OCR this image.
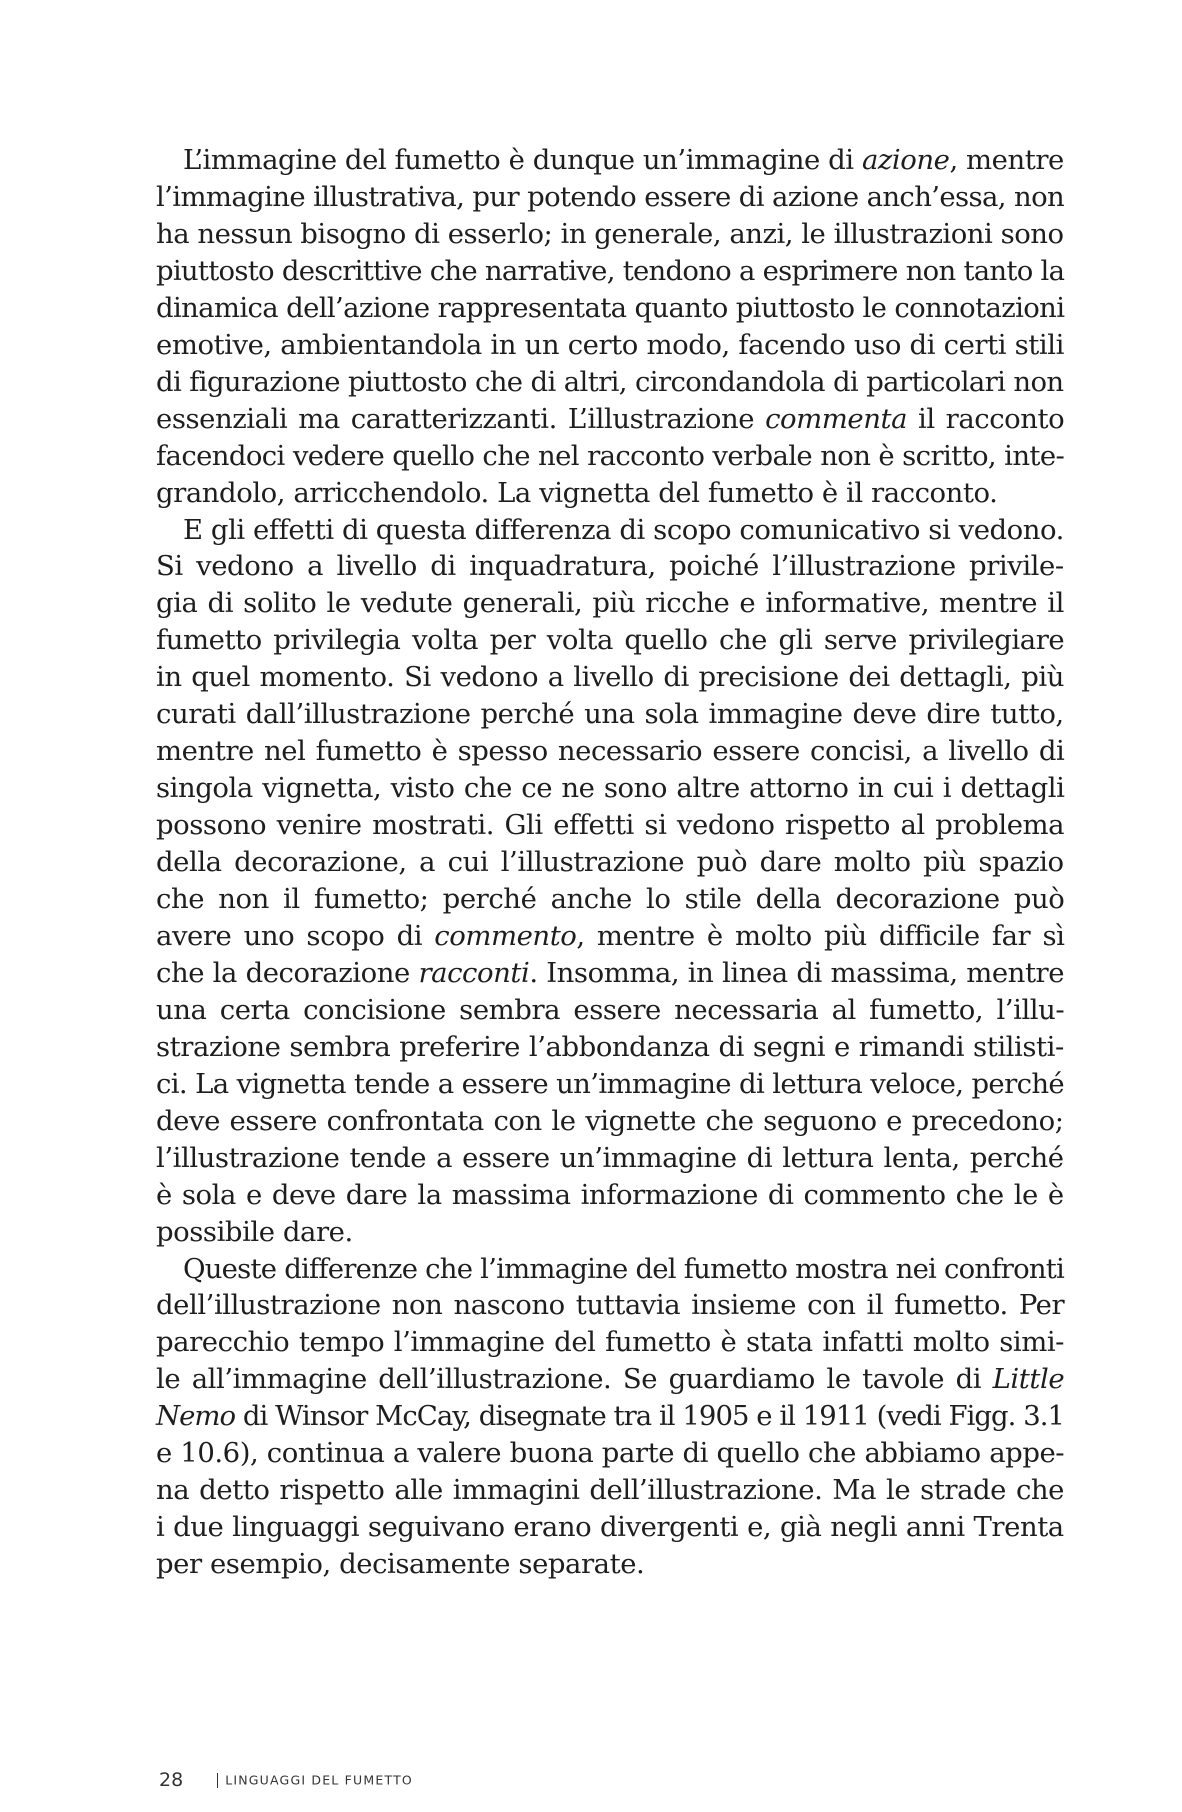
L’immagine del fumetto è dunque un’immagine di azione, mentre
l’immagine illustrativa, pur potendo essere di azione anch’essa, non
ha nessun bisogno di esserlo; in generale, anzi, le illustrazioni sono
piuttosto descrittive che narrative, tendono a esprimere non tanto la
dinamica dell’azione rappresentata quanto piuttosto le connotazioni
emotive, ambientandola in un certo modo, facendo uso di certi stili
di figurazione piuttosto che di altri, circondandola di particolari non
essenziali ma caratterizzanti. L’illustrazione commenta il racconto
facendoci vedere quello che nel racconto verbale non è scritto, inte-
grandolo, arricchendolo. La vignetta del fumetto è il racconto.
E gli effetti di questa differenza di scopo comunicativo si vedono.
Si vedono a livello di inquadratura, poiché l’illustrazione privile-
gia di solito le vedute generali, più ricche e informative, mentre il
fumetto privilegia volta per volta quello che gli serve privilegiare
in quel momento. Si vedono a livello di precisione dei dettagli, più
curati dall’illustrazione perché una sola immagine deve dire tutto,
mentre nel fumetto è spesso necessario essere concisi, a livello di
singola vignetta, visto che ce ne sono altre attorno in cui i dettagli
possono venire mostrati. Gli effetti si vedono rispetto al problema
della decorazione, a cui l’illustrazione può dare molto più spazio
che non il fumetto; perché anche lo stile della decorazione può
avere uno scopo di commento, mentre è molto più difficile far sì
che la decorazione racconti. Insomma, in linea di massima, mentre
una certa concisione sembra essere necessaria al fumetto, l’illu-
strazione sembra preferire l’abbondanza di segni e rimandi stilisti-
ci. La vignetta tende a essere un’immagine di lettura veloce, perché
deve essere confrontata con le vignette che seguono e precedono;
l’illustrazione tende a essere un’immagine di lettura lenta, perché
è sola e deve dare la massima informazione di commento che le è
possibile dare.
Queste differenze che l’immagine del fumetto mostra nei confronti
dell’illustrazione non nascono tuttavia insieme con il fumetto. Per
parecchio tempo l’immagine del fumetto è stata infatti molto simi-
le all’immagine dell’illustrazione. Se guardiamo le tavole di Little
Nemo di Winsor McCay, disegnate tra il 1905 e il 1911 (vedi Figg. 3.1
e 10.6), continua a valere buona parte di quello che abbiamo appe-
na detto rispetto alle immagini dell’illustrazione. Ma le strade che
i due linguaggi seguivano erano divergenti e, già negli anni Trenta
per esempio, decisamente separate.
28	LINGUAGGI DEL FUMETTO
